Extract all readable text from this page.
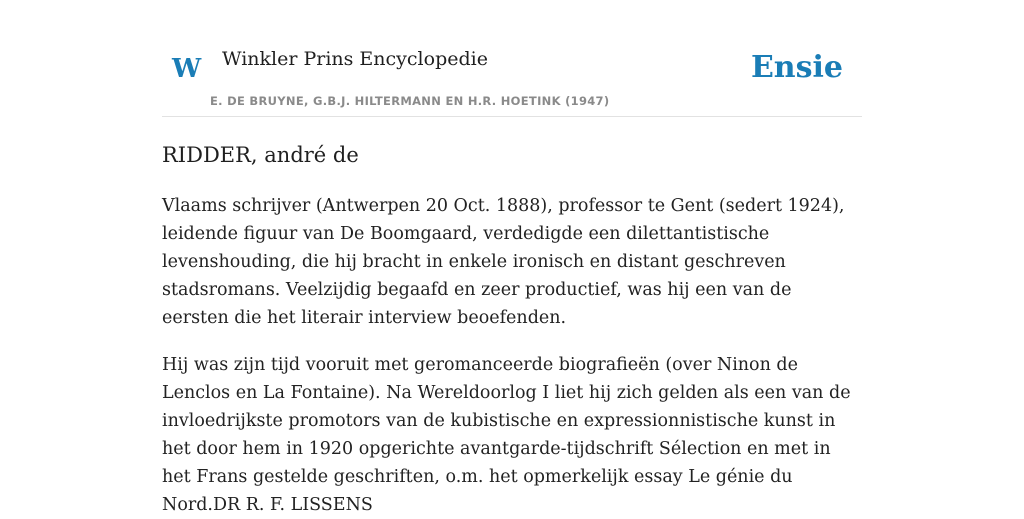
W Winkler Prins Encyclopedie
E. DE BRUYNE, G.B.J. HILTERMANN EN H.R. HOETINK (1947)
Ensie
RIDDER, andré de

Vlaams schrijver (Antwerpen 20 Oct. 1888), professor te Gent (sedert 1924), leidende figuur van De Boomgaard, verdedigde een dilettantistische levenshouding, die hij bracht in enkele ironisch en distant geschreven stadsromans. Veelzijdig begaafd en zeer productief, was hij een van de eersten die het literair interview beoefenden.

Hij was zijn tijd vooruit met geromanceerde biografieën (over Ninon de Lenclos en La Fontaine). Na Wereldoorlog I liet hij zich gelden als een van de invloedrijkste promotors van de kubistische en expressionnistische kunst in het door hem in 1920 opgerichte avantgarde-tijdschrift Sélection en met in het Frans gestelde geschriften, o.m. het opmerkelijk essay Le génie du Nord.DR R. F. LISSENS
